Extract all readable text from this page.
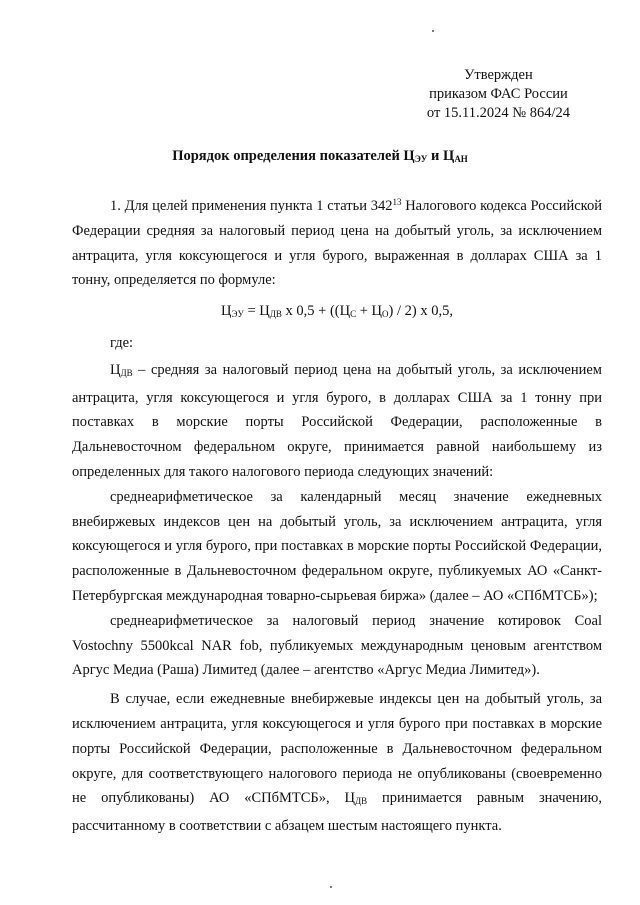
Утвержден
приказом ФАС России
от 15.11.2024 № 864/24
Порядок определения показателей $Ц_{ЭУ}$ и $Ц_{АН}$

1. Для целей применения пункта 1 статьи $342^{13}$ Налогового кодекса Российской Федерации средняя за налоговый период цена на добытый уголь, за исключением антрацита, угля коксующегося и угля бурого, выраженная в долларах США за 1 тонну, определяется по формуле:

$Ц_{ЭУ} = Ц_{ДВ}$ x $0,5 + ((Ц_С + Ц_О) / 2)$ x 0,5,

где:

$Ц_{ДВ}$ – средняя за налоговый период цена на добытый уголь, за исключением антрацита, угля коксующегося и угля бурого, в долларах США за 1 тонну при поставках в морские порты Российской Федерации, расположенные в Дальневосточном федеральном округе, принимается равной наибольшему из определенных для такого налогового периода следующих значений:

среднеарифметическое за календарный месяц значение ежедневных внебиржевых индексов цен на добытый уголь, за исключением антрацита, угля коксующегося и угля бурого, при поставках в морские порты Российской Федерации, расположенные в Дальневосточном федеральном округе, публикуемых АО «Санкт-Петербургская международная товарно-сырьевая биржа» (далее – АО «СПбМТСБ»);

среднеарифметическое за налоговый период значение котировок Coal Vostochny 5500kcal NAR fob, публикуемых международным ценовым агентством Аргус Медиа (Раша) Лимитед (далее – агентство «Аргус Медиа Лимитед»).

В случае, если ежедневные внебиржевые индексы цен на добытый уголь, за исключением антрацита, угля коксующегося и угля бурого при поставках в морские порты Российской Федерации, расположенные в Дальневосточном федеральном округе, для соответствующего налогового периода не опубликованы (своевременно не опубликованы) АО «СПбМТСБ», $Ц_{ДВ}$ принимается равным значению, рассчитанному в соответствии с абзацем шестым настоящего пункта.
